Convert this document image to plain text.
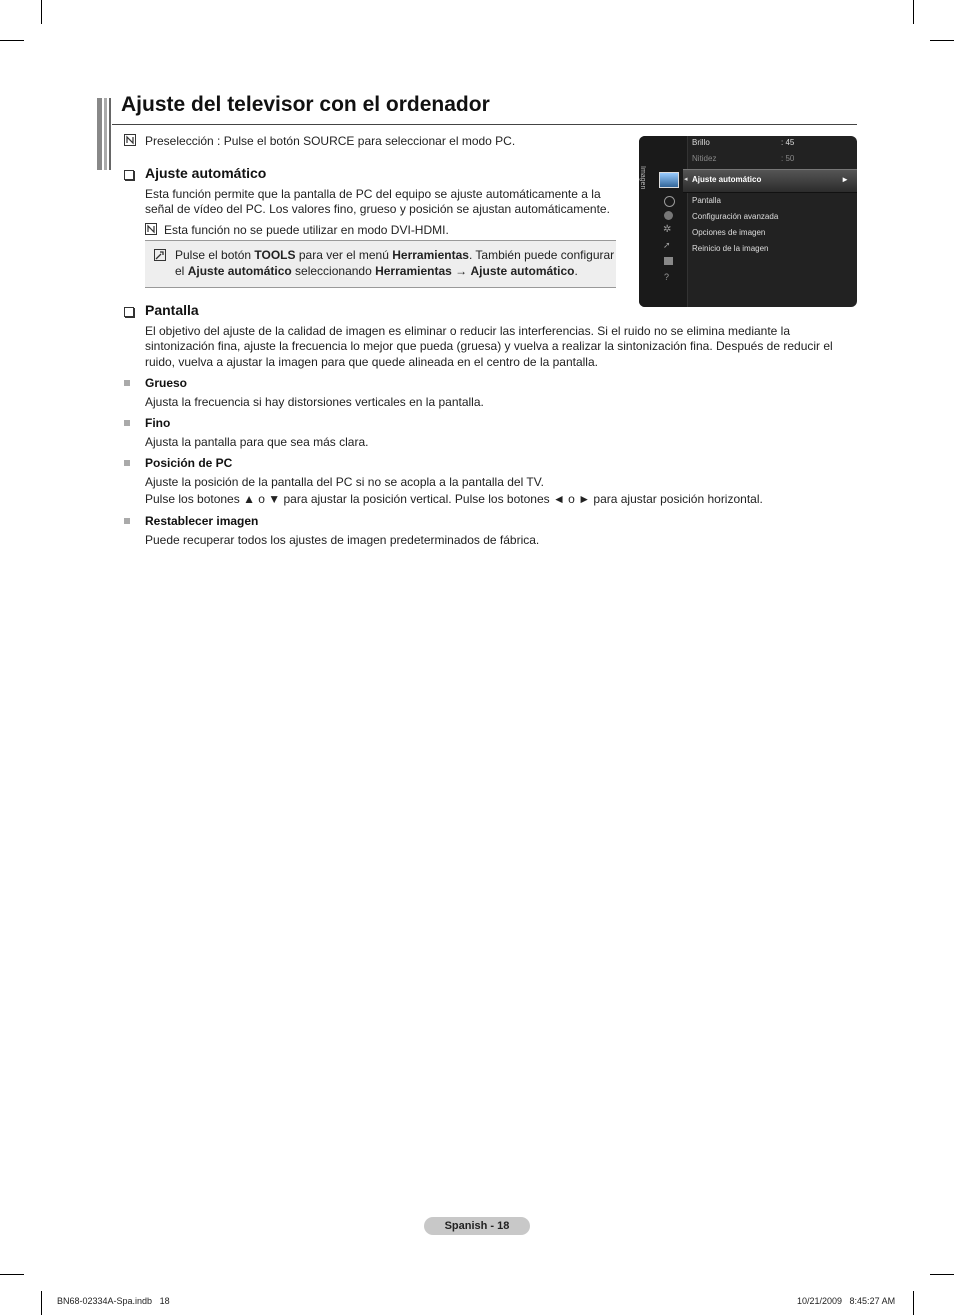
Ajuste del televisor con el ordenador
Preselección : Pulse el botón SOURCE para seleccionar el modo PC.
Ajuste automático
Esta función permite que la pantalla de PC del equipo se ajuste automáticamente a la
señal de vídeo del PC. Los valores fino, grueso y posición se ajustan automáticamente.
Esta función no se puede utilizar en modo DVI-HDMI.
Pulse el botón TOOLS para ver el menú Herramientas. También puede configurar
el Ajuste automático seleccionando Herramientas → Ajuste automático.
Imagen
✲
➚
?
Brillo	: 45
Nitidez	: 50
◂ Ajuste automático	►
Pantalla
Configuración avanzada
Opciones de imagen
Reinicio de la imagen
Pantalla
El objetivo del ajuste de la calidad de imagen es eliminar o reducir las interferencias. Si el ruido no se elimina mediante la
sintonización fina, ajuste la frecuencia lo mejor que pueda (gruesa) y vuelva a realizar la sintonización fina. Después de reducir el
ruido, vuelva a ajustar la imagen para que quede alineada en el centro de la pantalla.
Grueso
Ajusta la frecuencia si hay distorsiones verticales en la pantalla.
Fino
Ajusta la pantalla para que sea más clara.
Posición de PC
Ajuste la posición de la pantalla del PC si no se acopla a la pantalla del TV.
Pulse los botones ▲ o ▼ para ajustar la posición vertical. Pulse los botones ◄ o ► para ajustar posición horizontal.
Restablecer imagen
Puede recuperar todos los ajustes de imagen predeterminados de fábrica.
Spanish - 18
BN68-02334A-Spa.indb   18	10/21/2009   8:45:27 AM
